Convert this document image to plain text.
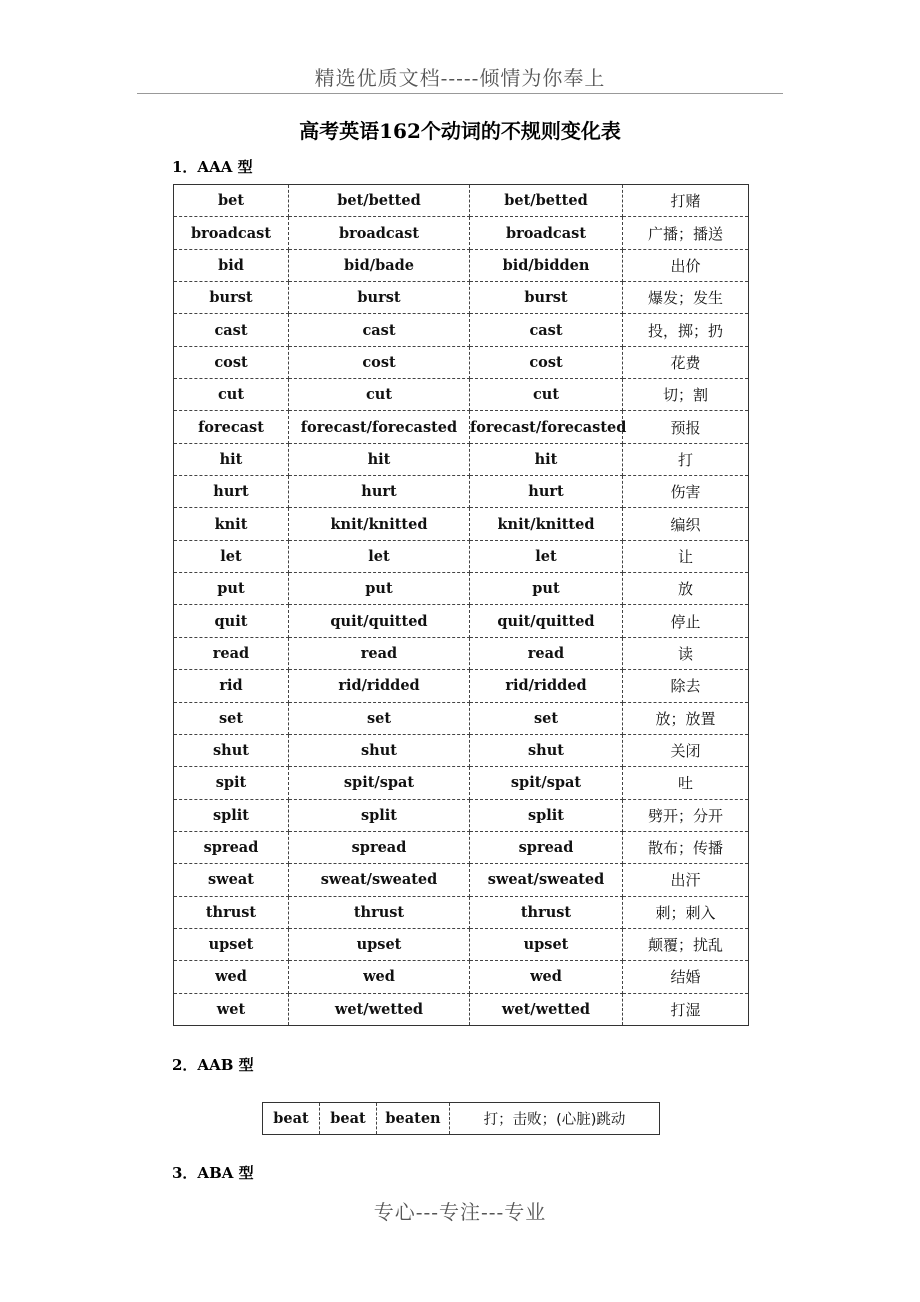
精选优质文档-----倾情为你奉上
高考英语162个动词的不规则变化表
1．AAA 型
bet	bet/betted	bet/betted	打赌
broadcast	broadcast	broadcast	广播；播送
bid	bid/bade	bid/bidden	出价
burst	burst	burst	爆发；发生
cast	cast	cast	投，掷；扔
cost	cost	cost	花费
cut	cut	cut	切；割
forecast	forecast/forecasted	forecast/forecasted	预报
hit	hit	hit	打
hurt	hurt	hurt	伤害
knit	knit/knitted	knit/knitted	编织
let	let	let	让
put	put	put	放
quit	quit/quitted	quit/quitted	停止
read	read	read	读
rid	rid/ridded	rid/ridded	除去
set	set	set	放；放置
shut	shut	shut	关闭
spit	spit/spat	spit/spat	吐
split	split	split	劈开；分开
spread	spread	spread	散布；传播
sweat	sweat/sweated	sweat/sweated	出汗
thrust	thrust	thrust	刺；刺入
upset	upset	upset	颠覆；扰乱
wed	wed	wed	结婚
wet	wet/wetted	wet/wetted	打湿
2．AAB 型
beat	beat	beaten	打；击败；(心脏)跳动
3．ABA 型
专心---专注---专业
